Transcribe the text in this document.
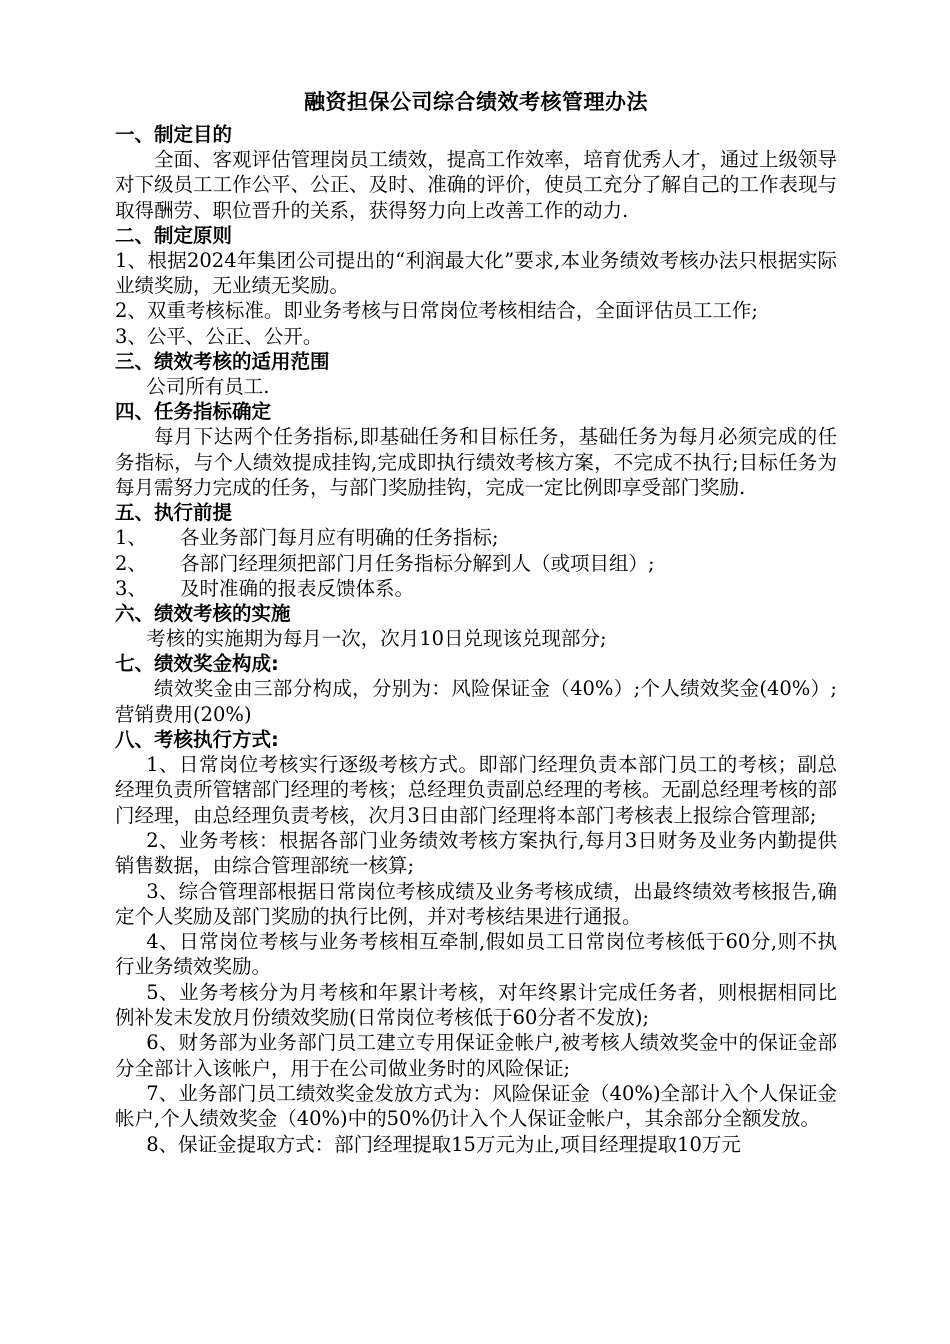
融资担保公司综合绩效考核管理办法
一、制定目的
全面、客观评估管理岗员工绩效，提高工作效率，培育优秀人才，通过上级领导对下级员工工作公平、公正、及时、准确的评价，使员工充分了解自己的工作表现与取得酬劳、职位晋升的关系，获得努力向上改善工作的动力.
二、制定原则
1、根据2024年集团公司提出的“利润最大化”要求,本业务绩效考核办法只根据实际业绩奖励，无业绩无奖励。
2、双重考核标准。即业务考核与日常岗位考核相结合，全面评估员工工作;
3、公平、公正、公开。
三、绩效考核的适用范围
公司所有员工.
四、任务指标确定
每月下达两个任务指标,即基础任务和目标任务，基础任务为每月必须完成的任务指标，与个人绩效提成挂钩,完成即执行绩效考核方案，不完成不执行;目标任务为每月需努力完成的任务，与部门奖励挂钩，完成一定比例即享受部门奖励.
五、执行前提
1、	各业务部门每月应有明确的任务指标;
2、	各部门经理须把部门月任务指标分解到人（或项目组）;
3、	及时准确的报表反馈体系。
六、绩效考核的实施
考核的实施期为每月一次，次月10日兑现该兑现部分;
七、绩效奖金构成:
绩效奖金由三部分构成，分别为：风险保证金（40%）;个人绩效奖金(40%）;营销费用(20%)
八、考核执行方式:
1、日常岗位考核实行逐级考核方式。即部门经理负责本部门员工的考核；副总经理负责所管辖部门经理的考核；总经理负责副总经理的考核。无副总经理考核的部门经理，由总经理负责考核，次月3日由部门经理将本部门考核表上报综合管理部;
2、业务考核：根据各部门业务绩效考核方案执行,每月3日财务及业务内勤提供销售数据，由综合管理部统一核算;
3、综合管理部根据日常岗位考核成绩及业务考核成绩，出最终绩效考核报告,确定个人奖励及部门奖励的执行比例，并对考核结果进行通报。
4、日常岗位考核与业务考核相互牵制,假如员工日常岗位考核低于60分,则不执行业务绩效奖励。
5、业务考核分为月考核和年累计考核，对年终累计完成任务者，则根据相同比例补发未发放月份绩效奖励(日常岗位考核低于60分者不发放);
6、财务部为业务部门员工建立专用保证金帐户,被考核人绩效奖金中的保证金部分全部计入该帐户，用于在公司做业务时的风险保证;
7、业务部门员工绩效奖金发放方式为：风险保证金（40%)全部计入个人保证金帐户,个人绩效奖金（40%)中的50%仍计入个人保证金帐户，其余部分全额发放。
8、保证金提取方式：部门经理提取15万元为止,项目经理提取10万元
